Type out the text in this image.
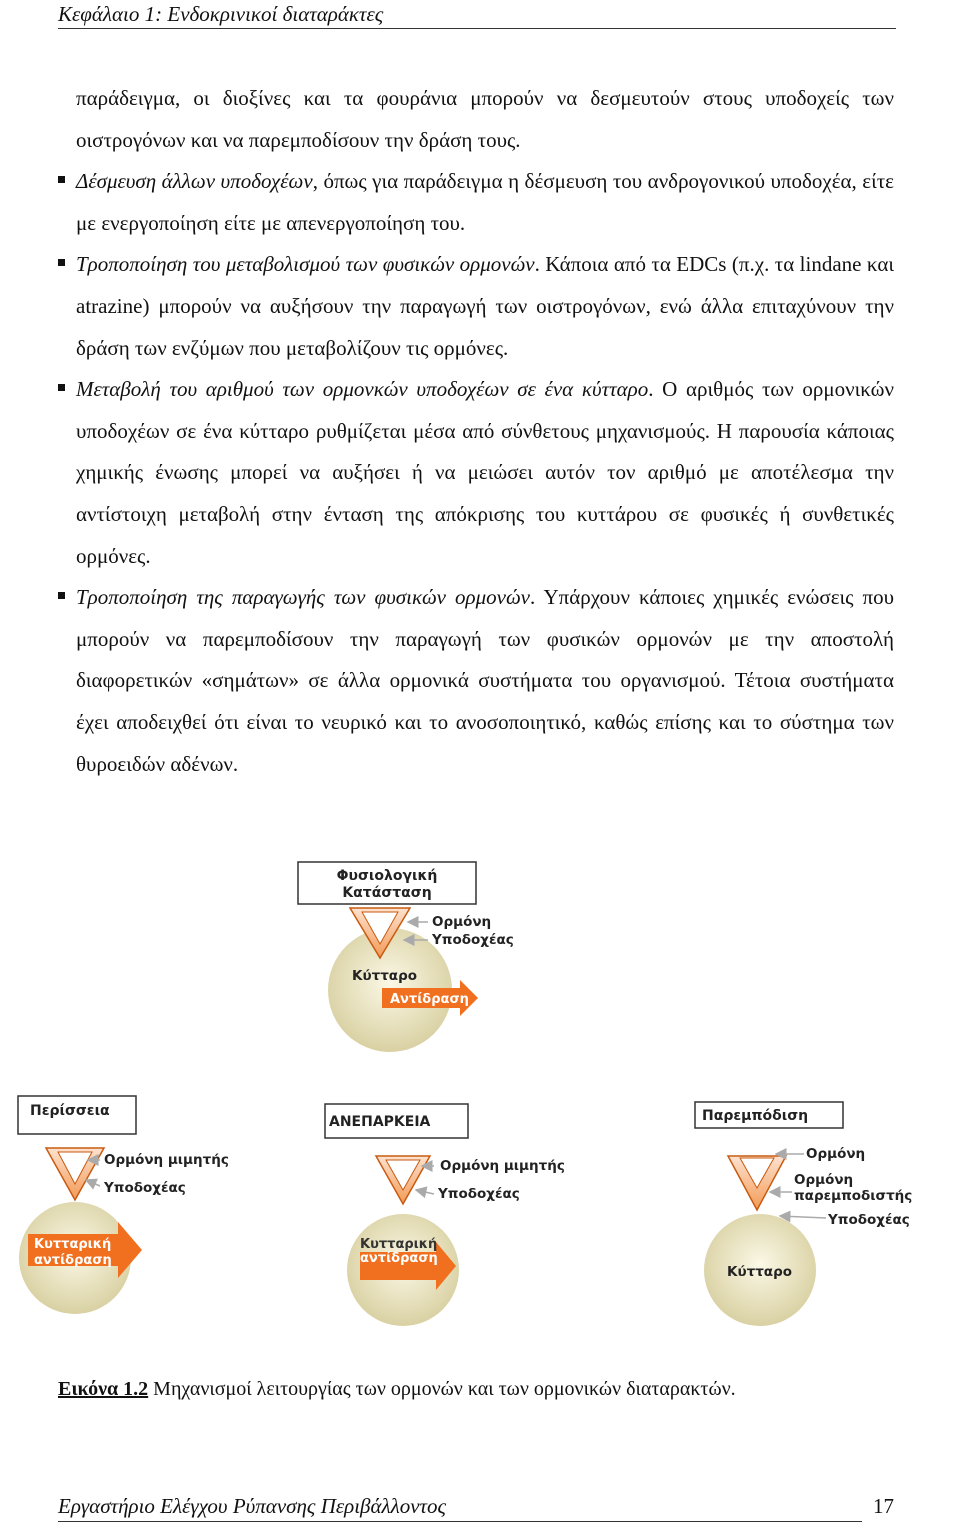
Κεφάλαιο 1: Ενδοκρινικοί διαταράκτες

παράδειγμα, οι διοξίνες και τα φουράνια μπορούν να δεσμευτούν στους υποδοχείς των οιστρογόνων και να παρεμποδίσουν την δράση τους.

Δέσμευση άλλων υποδοχέων, όπως για παράδειγμα η δέσμευση του ανδρογονικού υποδοχέα, είτε με ενεργοποίηση είτε με απενεργοποίηση του.

Τροποποίηση του μεταβολισμού των φυσικών ορμονών. Κάποια από τα EDCs (π.χ. τα lindane και atrazine) μπορούν να αυξήσουν την παραγωγή των οιστρογόνων, ενώ άλλα επιταχύνουν την δράση των ενζύμων που μεταβολίζουν τις ορμόνες.

Μεταβολή του αριθμού των ορμονκών υποδοχέων σε ένα κύτταρο. Ο αριθμός των ορμονικών υποδοχέων σε ένα κύτταρο ρυθμίζεται μέσα από σύνθετους μηχανισμούς. Η παρουσία κάποιας χημικής ένωσης μπορεί να αυξήσει ή να μειώσει αυτόν τον αριθμό με αποτέλεσμα την αντίστοιχη μεταβολή στην ένταση της απόκρισης του κυττάρου σε φυσικές ή συνθετικές ορμόνες.

Τροποποίηση της παραγωγής των φυσικών ορμονών. Υπάρχουν κάποιες χημικές ενώσεις που μπορούν να παρεμποδίσουν την παραγωγή των φυσικών ορμονών με την αποστολή διαφορετικών «σημάτων» σε άλλα ορμονικά συστήματα του οργανισμού. Τέτοια συστήματα έχει αποδειχθεί ότι είναι το νευρικό και το ανοσοποιητικό, καθώς επίσης και το σύστημα των θυροειδών αδένων.

Φυσιολογική
Κατάσταση
Ορμόνη
Υποδοχέας
Κύτταρο
Αντίδραση
Περίσσεια
Ορμόνη μιμητής
Υποδοχέας
Κυτταρική
αντίδραση
ΑΝΕΠΑΡΚΕΙΑ
Ορμόνη μιμητής
Υποδοχέας
Κυτταρική
αντίδραση
Παρεμπόδιση
Ορμόνη
Ορμόνη
παρεμποδιστής
Υποδοχέας
Κύτταρο
Εικόνα 1.2 Μηχανισμοί λειτουργίας των ορμονών και των ορμονικών διαταρακτών.
Εργαστήριο Ελέγχου Ρύπανσης Περιβάλλοντος	17
